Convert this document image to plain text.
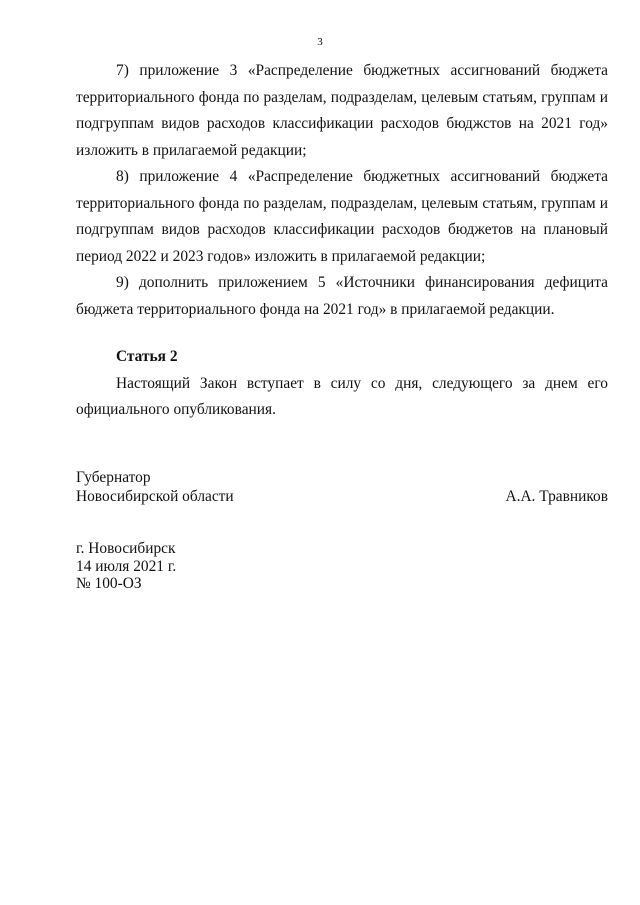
3

7) приложение 3 «Распределение бюджетных ассигнований бюджета территориального фонда по разделам, подразделам, целевым статьям, группам и подгруппам видов расходов классификации расходов бюджстов на 2021 год» изложить в прилагаемой редакции;

8) приложение 4 «Распределение бюджетных ассигнований бюджета территориального фонда по разделам, подразделам, целевым статьям, группам и подгруппам видов расходов классификации расходов бюджетов на плановый период 2022 и 2023 годов» изложить в прилагаемой редакции;

9) дополнить приложением 5 «Источники финансирования дефицита бюджета территориального фонда на 2021 год» в прилагаемой редакции.

Статья 2

Настоящий Закон вступает в силу со дня, следующего за днем его официального опубликования.

Губернатор
Новосибирской области	А.А. Травников
г. Новосибирск
14 июля 2021 г.
№ 100-ОЗ
